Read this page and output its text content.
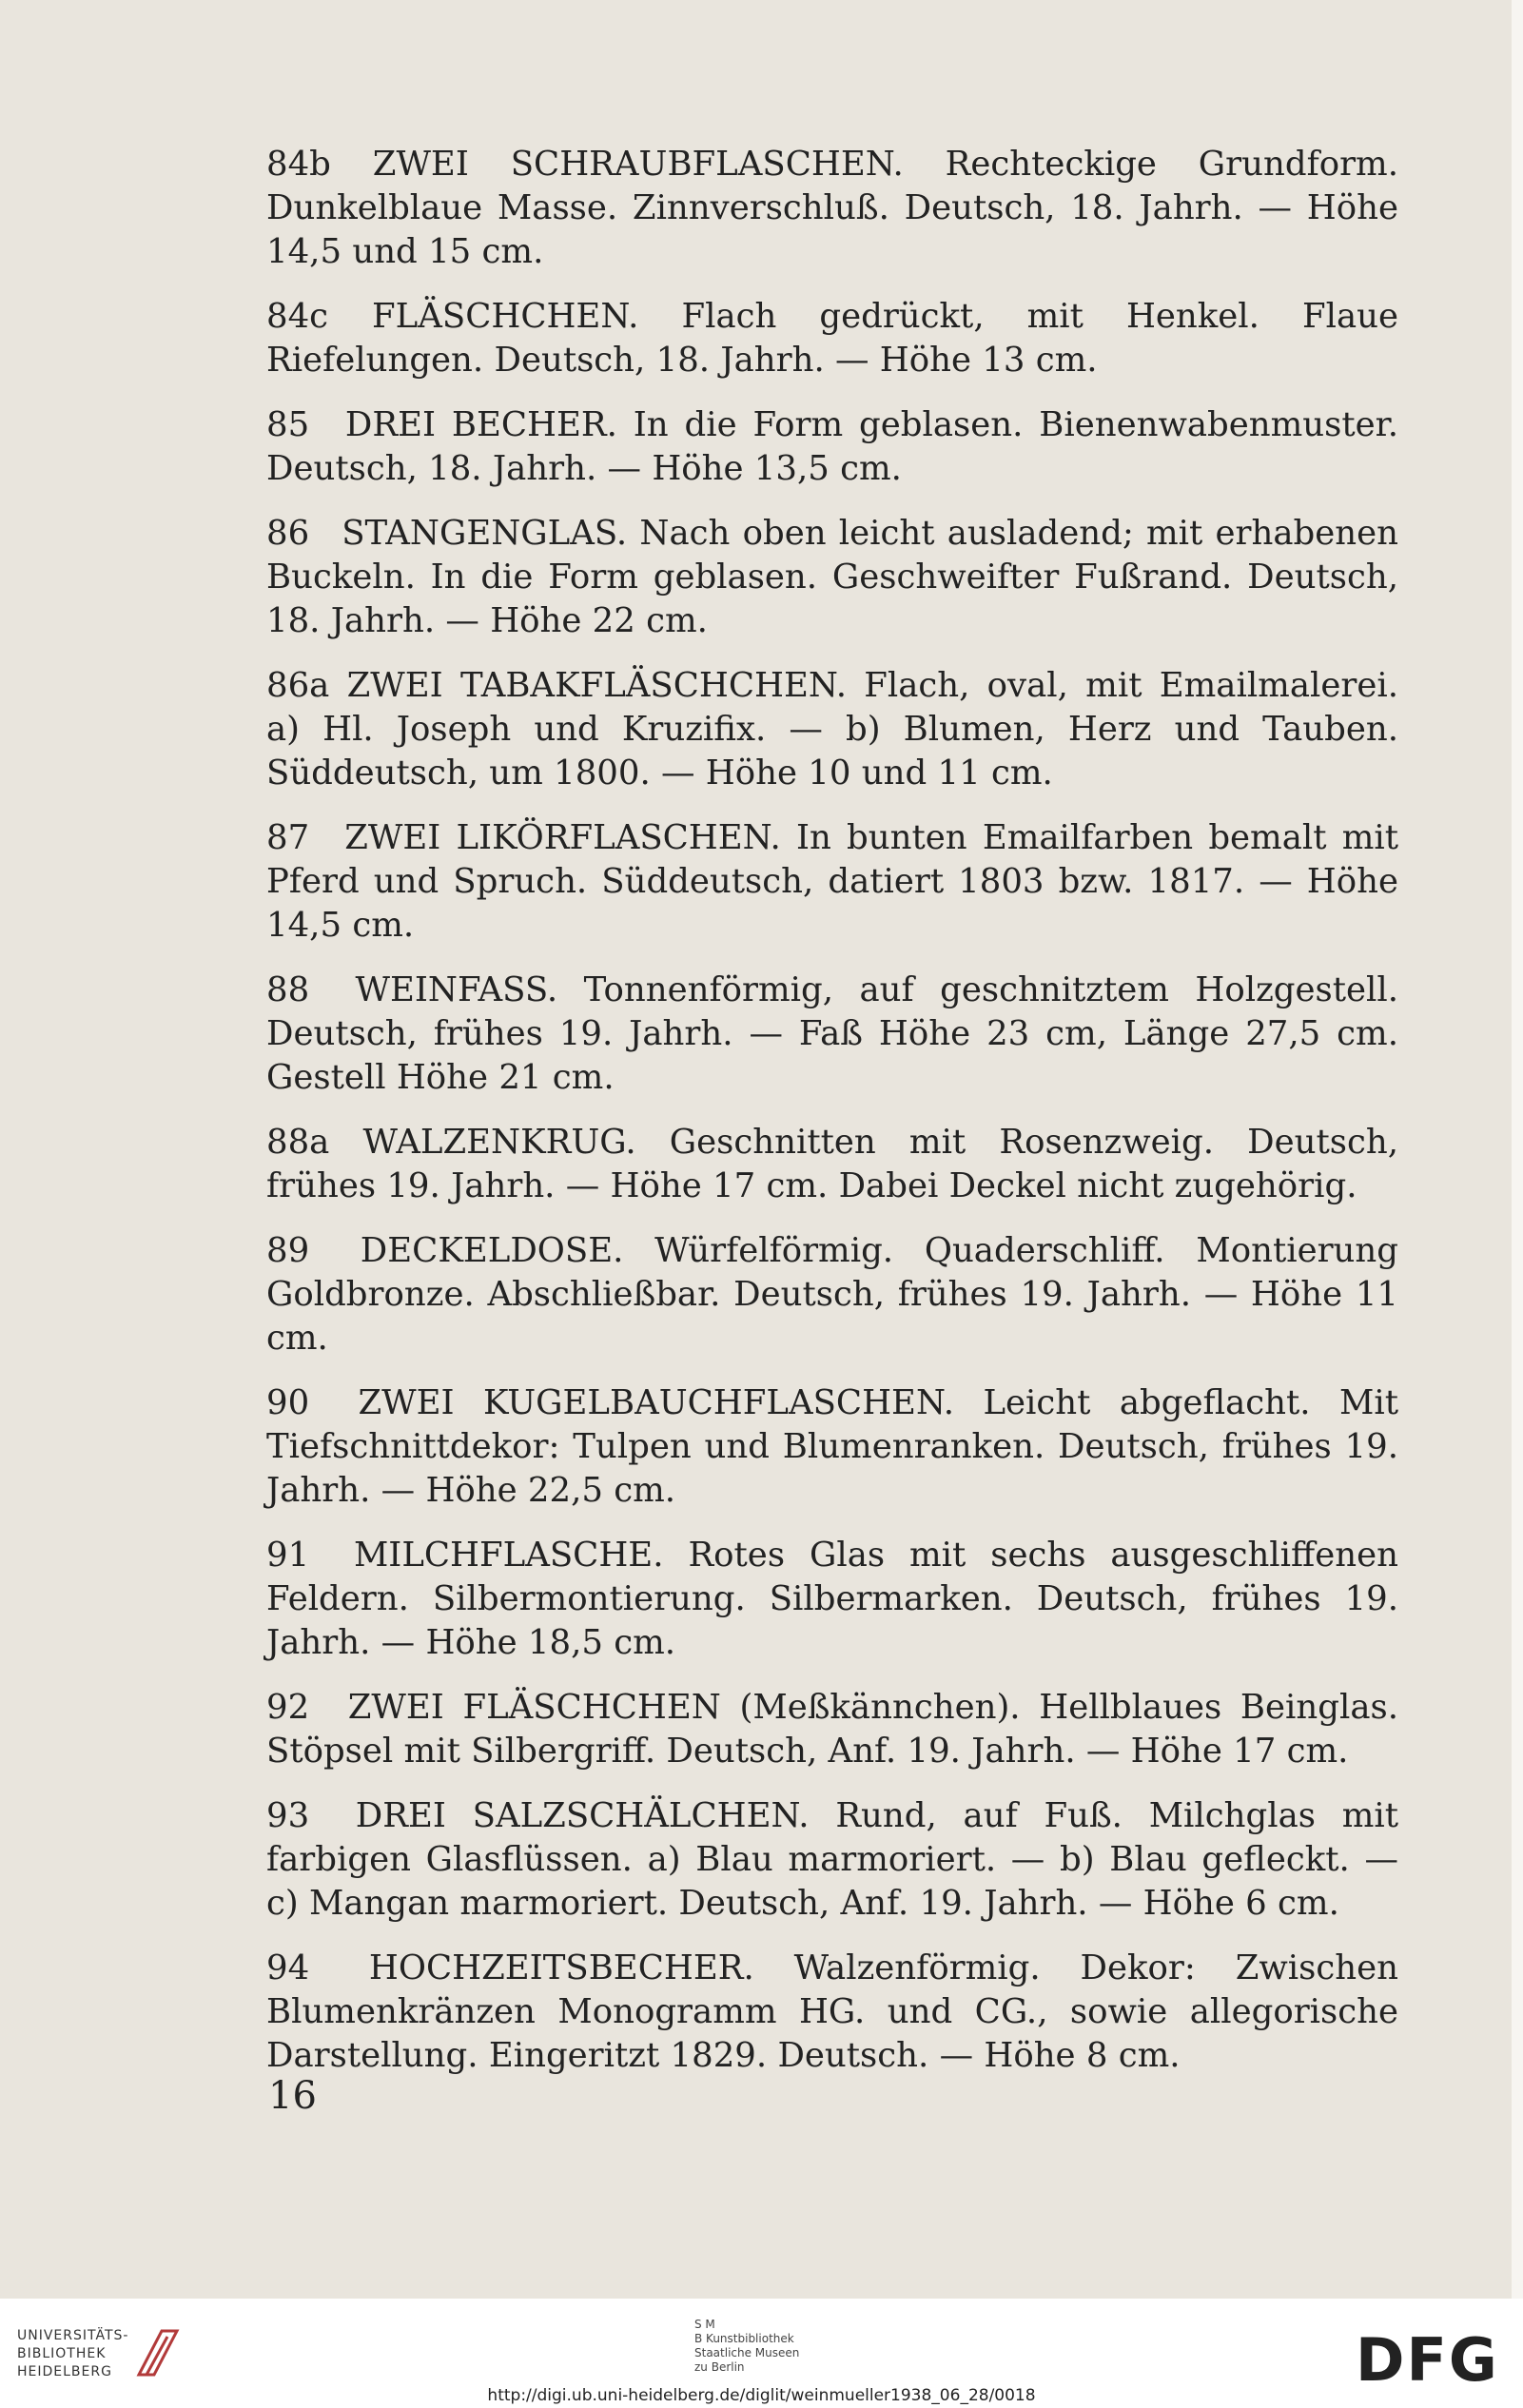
84b ZWEI SCHRAUBFLASCHEN. Rechteckige Grundform. Dunkelblaue Masse. Zinnverschluß. Deutsch, 18. Jahrh. — Höhe 14,5 und 15 cm.
84c FLÄSCHCHEN. Flach gedrückt, mit Henkel. Flaue Riefelungen. Deutsch, 18. Jahrh. — Höhe 13 cm.
85 DREI BECHER. In die Form geblasen. Bienenwabenmuster. Deutsch, 18. Jahrh. — Höhe 13,5 cm.
86 STANGENGLAS. Nach oben leicht ausladend; mit erhabenen Buckeln. In die Form geblasen. Geschweifter Fußrand. Deutsch, 18. Jahrh. — Höhe 22 cm.
86a ZWEI TABAKFLÄSCHCHEN. Flach, oval, mit Emailmalerei. a) Hl. Joseph und Kruzifix. — b) Blumen, Herz und Tauben. Süddeutsch, um 1800. — Höhe 10 und 11 cm.
87 ZWEI LIKÖRFLASCHEN. In bunten Emailfarben bemalt mit Pferd und Spruch. Süddeutsch, datiert 1803 bzw. 1817. — Höhe 14,5 cm.
88 WEINFASS. Tonnenförmig, auf geschnitztem Holzgestell. Deutsch, frühes 19. Jahrh. — Faß Höhe 23 cm, Länge 27,5 cm. Gestell Höhe 21 cm.
88a WALZENKRUG. Geschnitten mit Rosenzweig. Deutsch, frühes 19. Jahrh. — Höhe 17 cm. Dabei Deckel nicht zugehörig.
89 DECKELDOSE. Würfelförmig. Quaderschliff. Montierung Goldbronze. Abschließbar. Deutsch, frühes 19. Jahrh. — Höhe 11 cm.
90 ZWEI KUGELBAUCHFLASCHEN. Leicht abgeflacht. Mit Tiefschnittdekor: Tulpen und Blumenranken. Deutsch, frühes 19. Jahrh. — Höhe 22,5 cm.
91 MILCHFLASCHE. Rotes Glas mit sechs ausgeschliffenen Feldern. Silbermontierung. Silbermarken. Deutsch, frühes 19. Jahrh. — Höhe 18,5 cm.
92 ZWEI FLÄSCHCHEN (Meßkännchen). Hellblaues Beinglas. Stöpsel mit Silbergriff. Deutsch, Anf. 19. Jahrh. — Höhe 17 cm.
93 DREI SALZSCHÄLCHEN. Rund, auf Fuß. Milchglas mit farbigen Glasflüssen. a) Blau marmoriert. — b) Blau gefleckt. — c) Mangan marmoriert. Deutsch, Anf. 19. Jahrh. — Höhe 6 cm.
94 HOCHZEITSBECHER. Walzenförmig. Dekor: Zwischen Blumenkränzen Monogramm HG. und CG., sowie allegorische Darstellung. Eingeritzt 1829. Deutsch. — Höhe 8 cm.
16
UNIVERSITÄTS-
BIBLIOTHEK
HEIDELBERG
S M
B Kunstbibliothek
Staatliche Museen
zu Berlin	DFG
http://digi.ub.uni-heidelberg.de/diglit/weinmueller1938_06_28/0018
